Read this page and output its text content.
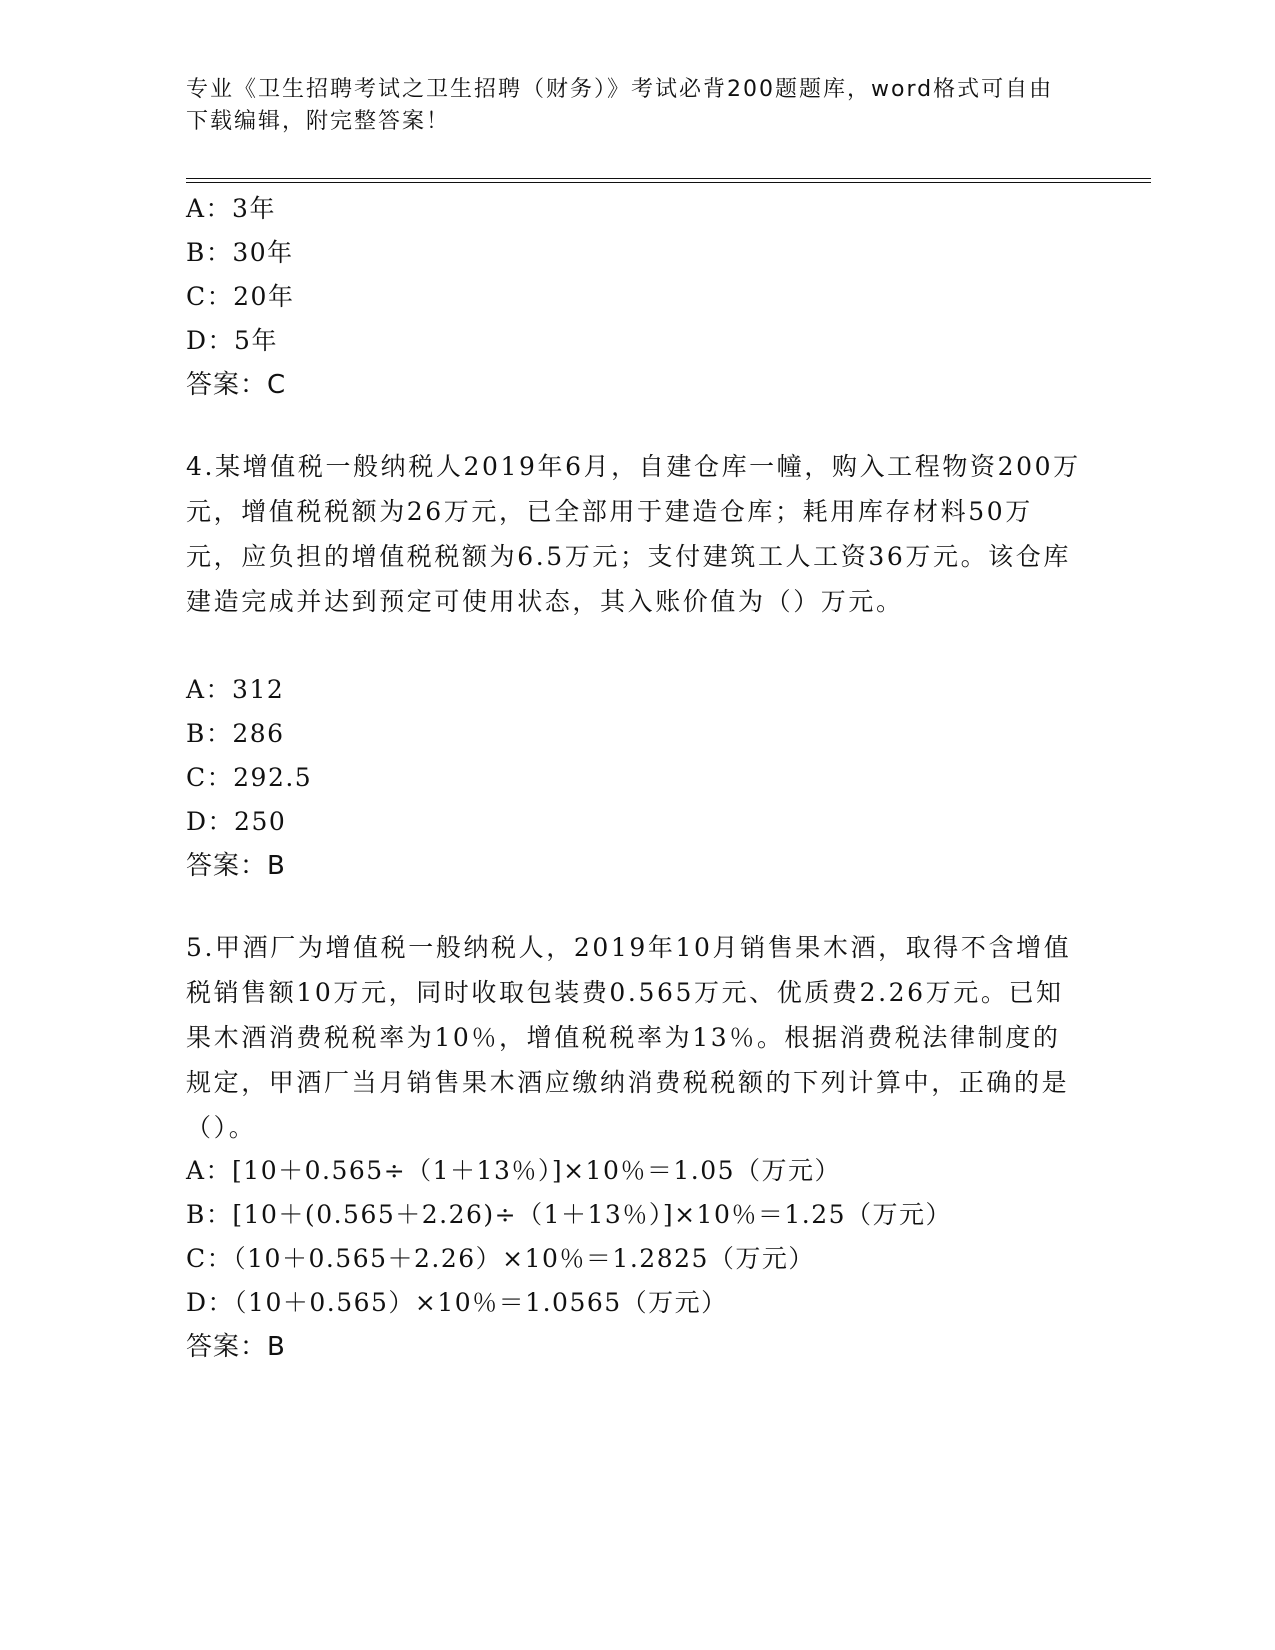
专业《卫生招聘考试之卫生招聘（财务）》考试必背200题题库，word格式可自由下载编辑，附完整答案！
A：3年
B：30年
C：20年
D：5年
答案：C
4.某增值税一般纳税人2019年6月，自建仓库一幢，购入工程物资200万元，增值税税额为26万元，已全部用于建造仓库；耗用库存材料50万元，应负担的增值税税额为6.5万元；支付建筑工人工资36万元。该仓库建造完成并达到预定可使用状态，其入账价值为（）万元。
A：312
B：286
C：292.5
D：250
答案：B
5.甲酒厂为增值税一般纳税人，2019年10月销售果木酒，取得不含增值税销售额10万元，同时收取包装费0.565万元、优质费2.26万元。已知果木酒消费税税率为10％，增值税税率为13％。根据消费税法律制度的规定，甲酒厂当月销售果木酒应缴纳消费税税额的下列计算中，正确的是（）。
A：[10＋0.565÷（1＋13％）]×10％＝1.05（万元）
B：[10＋(0.565＋2.26)÷（1＋13％）]×10％＝1.25（万元）
C：（10＋0.565＋2.26）×10％＝1.2825（万元）
D：（10＋0.565）×10％＝1.0565（万元）
答案：B
